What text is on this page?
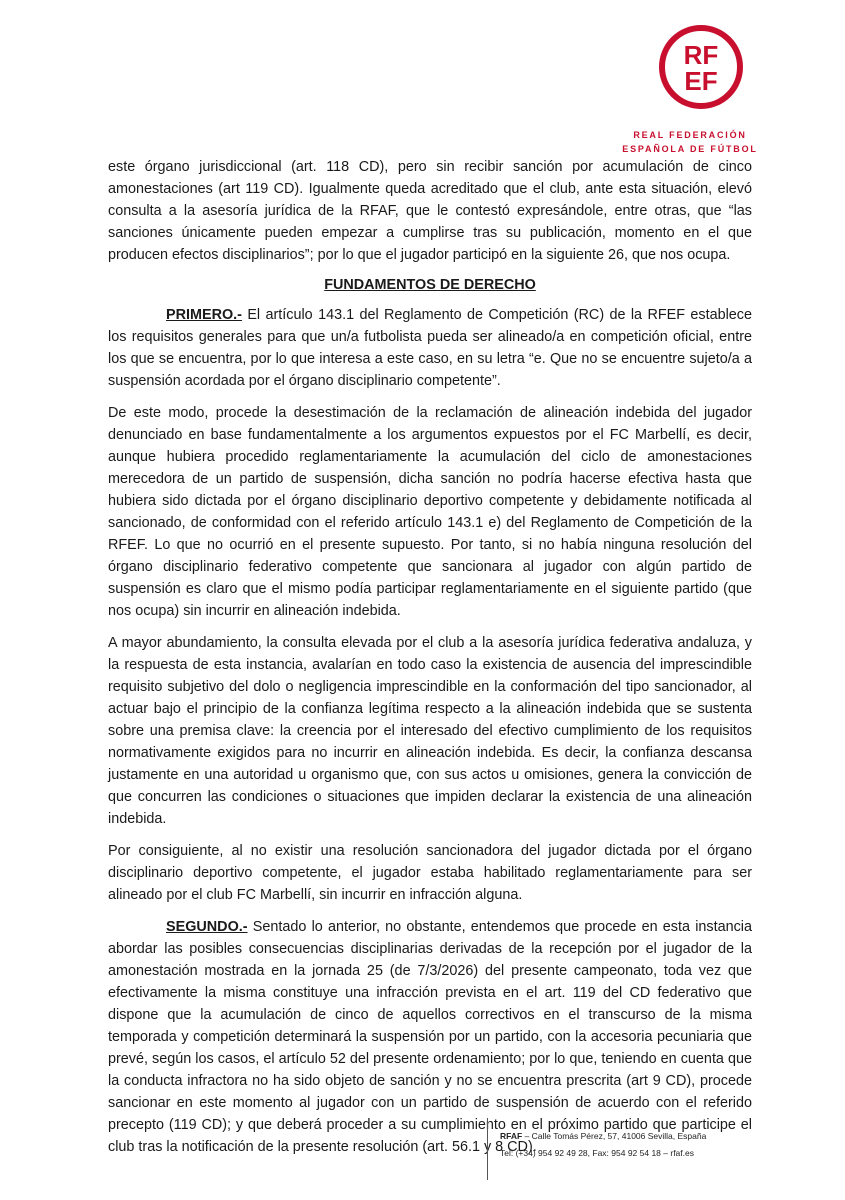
RF
EF
REAL FEDERACIÓN
ESPAÑOLA DE FÚTBOL

este órgano jurisdiccional (art. 118 CD), pero sin recibir sanción por acumulación de cinco amonestaciones (art 119 CD). Igualmente queda acreditado que el club, ante esta situación, elevó consulta a la asesoría jurídica de la RFAF, que le contestó expresándole, entre otras, que “las sanciones únicamente pueden empezar a cumplirse tras su publicación, momento en el que producen efectos disciplinarios”; por lo que el jugador participó en la siguiente 26, que nos ocupa.

FUNDAMENTOS DE DERECHO

PRIMERO.- El artículo 143.1 del Reglamento de Competición (RC) de la RFEF establece los requisitos generales para que un/a futbolista pueda ser alineado/a en competición oficial, entre los que se encuentra, por lo que interesa a este caso, en su letra “e. Que no se encuentre sujeto/a a suspensión acordada por el órgano disciplinario competente”.

De este modo, procede la desestimación de la reclamación de alineación indebida del jugador denunciado en base fundamentalmente a los argumentos expuestos por el FC Marbellí, es decir, aunque hubiera procedido reglamentariamente la acumulación del ciclo de amonestaciones merecedora de un partido de suspensión, dicha sanción no podría hacerse efectiva hasta que hubiera sido dictada por el órgano disciplinario deportivo competente y debidamente notificada al sancionado, de conformidad con el referido artículo 143.1 e) del Reglamento de Competición de la RFEF. Lo que no ocurrió en el presente supuesto. Por tanto, si no había ninguna resolución del órgano disciplinario federativo competente que sancionara al jugador con algún partido de suspensión es claro que el mismo podía participar reglamentariamente en el siguiente partido (que nos ocupa) sin incurrir en alineación indebida.

A mayor abundamiento, la consulta elevada por el club a la asesoría jurídica federativa andaluza, y la respuesta de esta instancia, avalarían en todo caso la existencia de ausencia del imprescindible requisito subjetivo del dolo o negligencia imprescindible en la conformación del tipo sancionador, al actuar bajo el principio de la confianza legítima respecto a la alineación indebida que se sustenta sobre una premisa clave: la creencia por el interesado del efectivo cumplimiento de los requisitos normativamente exigidos para no incurrir en alineación indebida. Es decir, la confianza descansa justamente en una autoridad u organismo que, con sus actos u omisiones, genera la convicción de que concurren las condiciones o situaciones que impiden declarar la existencia de una alineación indebida.

Por consiguiente, al no existir una resolución sancionadora del jugador dictada por el órgano disciplinario deportivo competente, el jugador estaba habilitado reglamentariamente para ser alineado por el club FC Marbellí, sin incurrir en infracción alguna.

SEGUNDO.- Sentado lo anterior, no obstante, entendemos que procede en esta instancia abordar las posibles consecuencias disciplinarias derivadas de la recepción por el jugador de la amonestación mostrada en la jornada 25 (de 7/3/2026) del presente campeonato, toda vez que efectivamente la misma constituye una infracción prevista en el art. 119 del CD federativo que dispone que la acumulación de cinco de aquellos correctivos en el transcurso de la misma temporada y competición determinará la suspensión por un partido, con la accesoria pecuniaria que prevé, según los casos, el artículo 52 del presente ordenamiento; por lo que, teniendo en cuenta que la conducta infractora no ha sido objeto de sanción y no se encuentra prescrita (art 9 CD), procede sancionar en este momento al jugador con un partido de suspensión de acuerdo con el referido precepto (119 CD); y que deberá proceder a su cumplimiento en el próximo partido que participe el club tras la notificación de la presente resolución (art. 56.1 y 8 CD).

RFAF – Calle Tomás Pérez, 57, 41006 Sevilla, España
Tel: (+34) 954 92 49 28, Fax: 954 92 54 18 – rfaf.es
